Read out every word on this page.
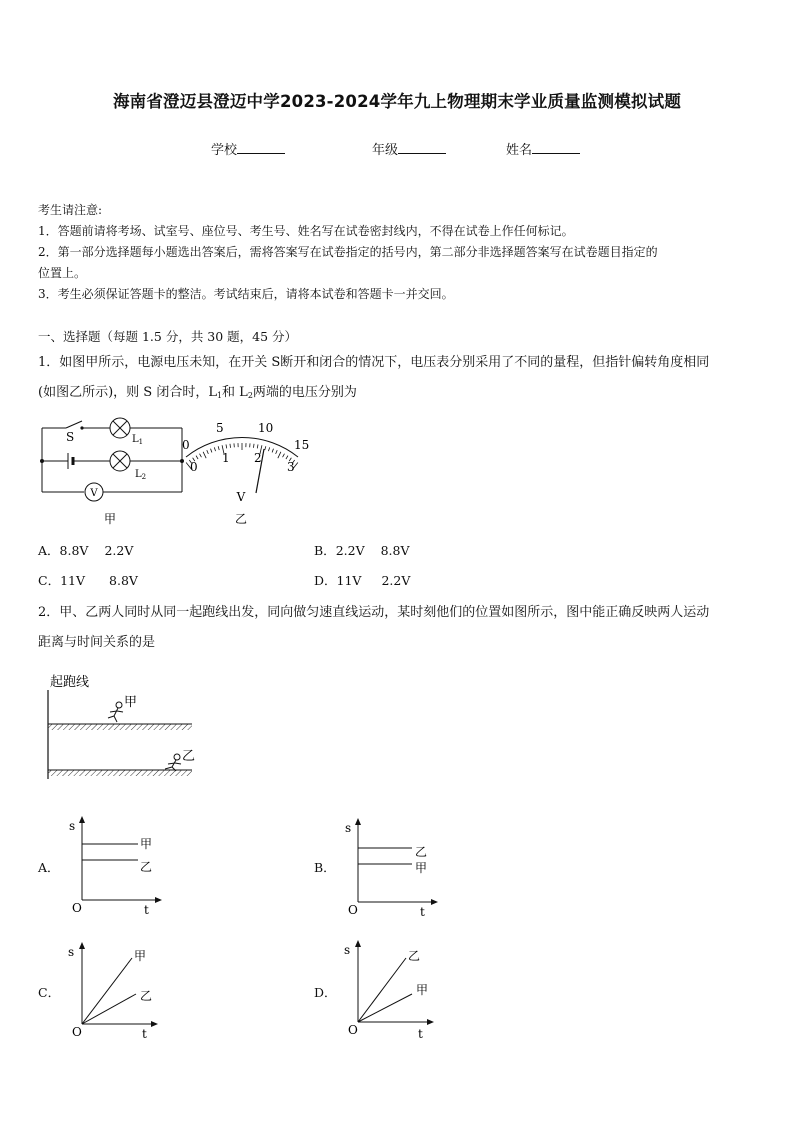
海南省澄迈县澄迈中学2023-2024学年九上物理期末学业质量监测模拟试题
学校	年级	姓名
考生请注意:
1．答题前请将考场、试室号、座位号、考生号、姓名写在试卷密封线内，不得在试卷上作任何标记。
2．第一部分选择题每小题选出答案后，需将答案写在试卷指定的括号内，第二部分非选择题答案写在试卷题目指定的
位置上。
3．考生必须保证答题卡的整洁。考试结束后，请将本试卷和答题卡一并交回。
一、选择题（每题 1.5 分，共 30 题，45 分）
1．如图甲所示，电源电压未知，在开关 S断开和闭合的情况下，电压表分别采用了不同的量程，但指针偏转角度相同
(如图乙所示)，则 S 闭合时，$L_1$和 $L_2$两端的电压分别为
S	$L_1$
$L_2$
V
甲
0
5	10
15
0
1 2
3
V
乙
A．8.8V 2.2V	B．2.2V 8.8V
C．11V 8.8V	D．11V 2.2V
2．甲、乙两人同时从同一起跑线出发，同向做匀速直线运动，某时刻他们的位置如图所示，图中能正确反映两人运动
距离与时间关系的是
起跑线
甲
乙
A．
s
O	t
甲
乙	B．
s
O	t
乙
甲
C．
s
O	t
甲
乙	D．
s
O	t
乙
甲
